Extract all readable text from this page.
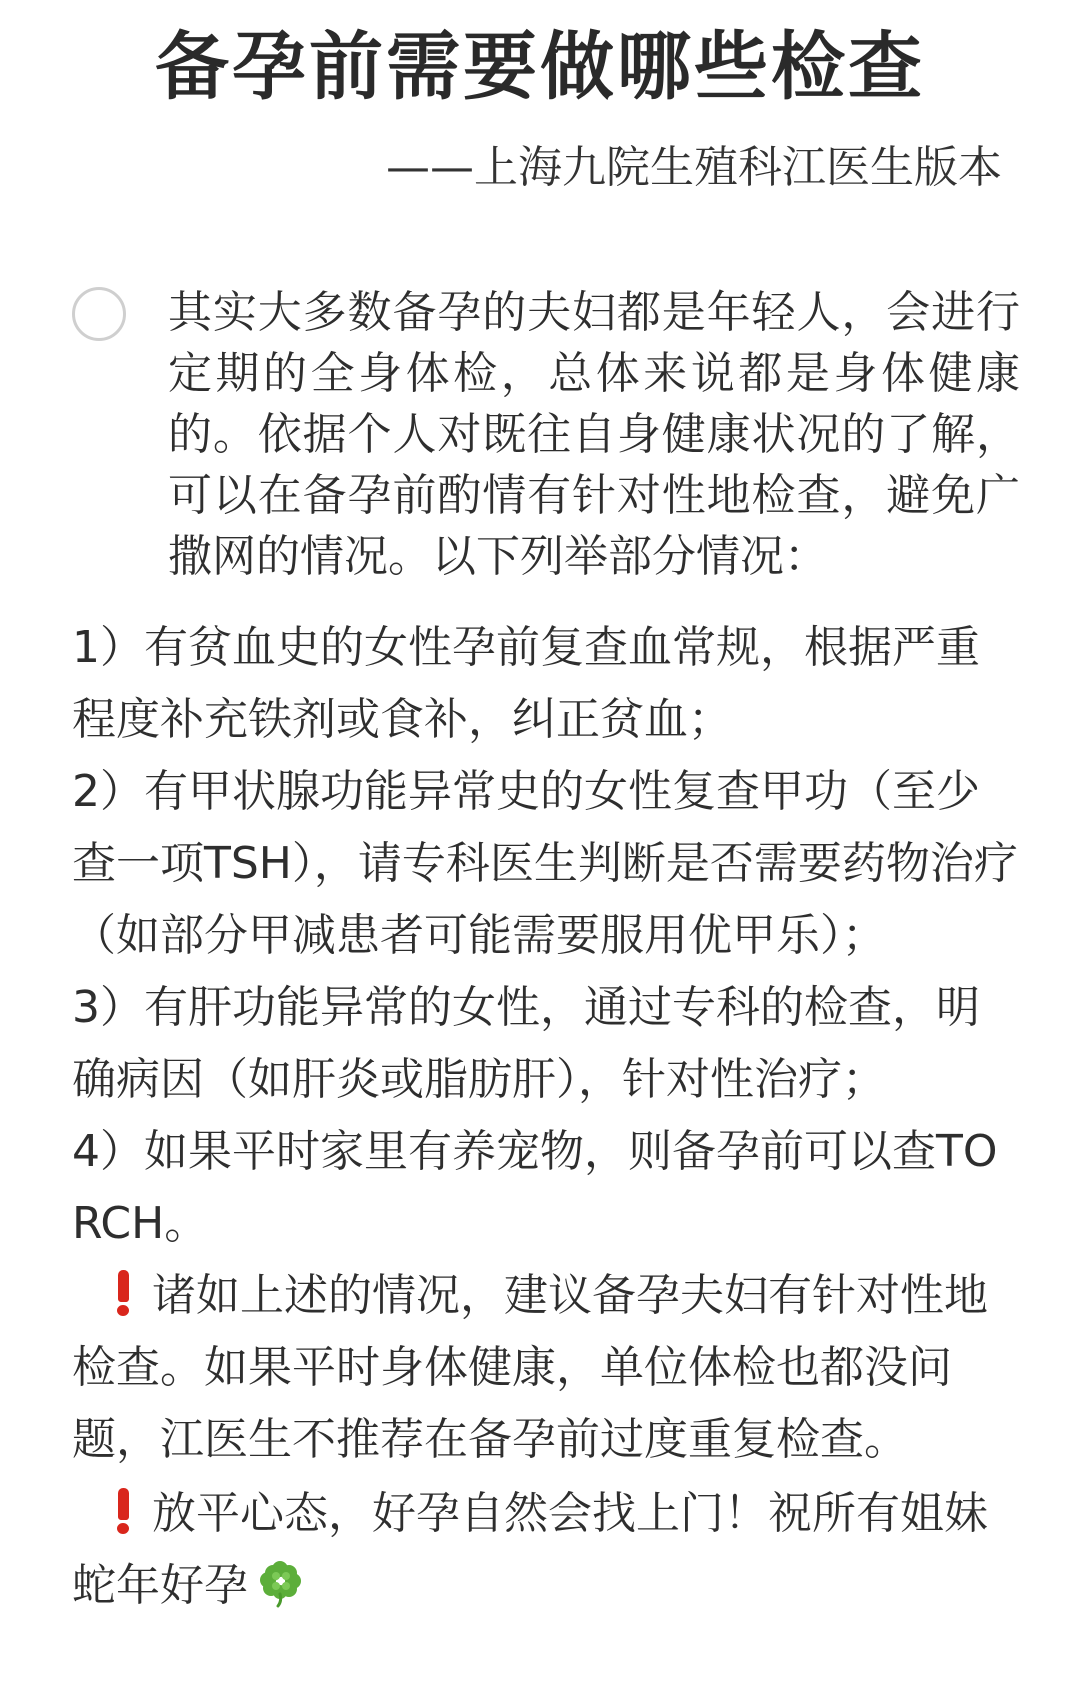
备孕前需要做哪些检查
——上海九院生殖科江医生版本
其实大多数备孕的夫妇都是年轻人，会进行定期的全身体检，总体来说都是身体健康的。依据个人对既往自身健康状况的了解，可以在备孕前酌情有针对性地检查，避免广撒网的情况。以下列举部分情况：
1）有贫血史的女性孕前复查血常规，根据严重程度补充铁剂或食补，纠正贫血；
2）有甲状腺功能异常史的女性复查甲功（至少查一项TSH），请专科医生判断是否需要药物治疗（如部分甲减患者可能需要服用优甲乐）；
3）有肝功能异常的女性，通过专科的检查，明确病因（如肝炎或脂肪肝），针对性治疗；
4）如果平时家里有养宠物，则备孕前可以查TORCH。
诸如上述的情况，建议备孕夫妇有针对性地检查。如果平时身体健康，单位体检也都没问题，江医生不推荐在备孕前过度重复检查。
放平心态，好孕自然会找上门！祝所有姐妹蛇年好孕
